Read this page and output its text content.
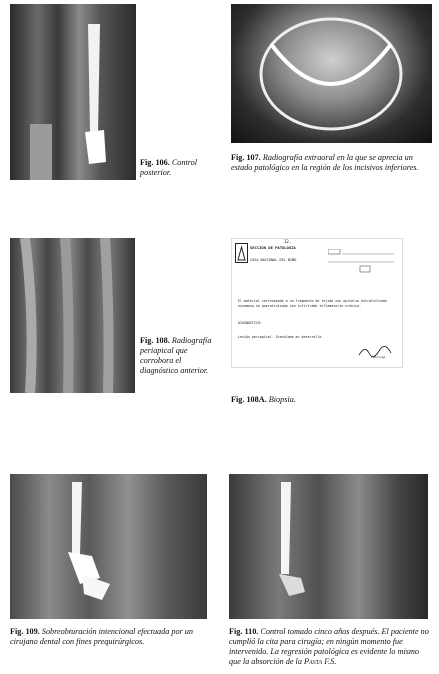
Fig. 106. Control posterior.
Fig. 107. Radiografía extraoral en la que se aprecia un estado patológico en la región de los incisivos inferiores.
Fig. 108. Radiografía periapical que corrobora el diagnóstico anterior.
12.
SECCION DE PATOLOGIA
CASA NACIONAL DEL NIÑO
El material corresponde a un fragmento de tejido con epitelio estratificado escamoso no queratinizado con infiltrado inflamatorio crónico.
DIAGNOSTICO:
Lesión periapical. Granuloma en desarrollo.
Patólogo
Fig. 108A. Biopsia.
Fig. 109. Sobreobturación intencional efectuada por un cirujano dental con fines prequirúrgicos.
Fig. 110. Control tomado cinco años después. El paciente no cumplió la cita para cirugía; en ningún momento fue intervenido. La regresión patológica es evidente lo mismo que la absorción de la Pasta F.S.
